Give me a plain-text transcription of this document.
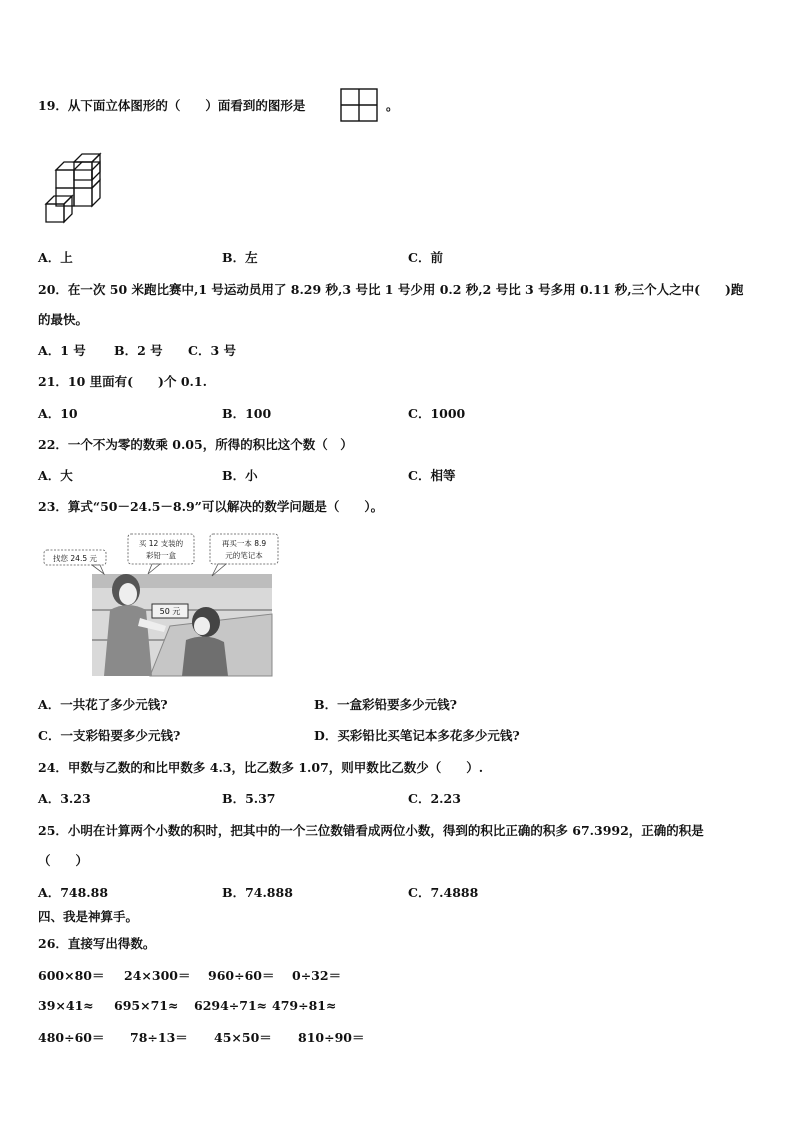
19．从下面立体图形的（　　）面看到的图形是	。
A．上	B．左	C．前
20．在一次 50 米跑比赛中,1 号运动员用了 8.29 秒,3 号比 1 号少用 0.2 秒,2 号比 3 号多用 0.11 秒,三个人之中(　　)跑
的最快。
A．1 号 B．2 号 C．3 号
21．10 里面有(　　)个 0.1.
A．10	B．100	C．1000
22．一个不为零的数乘 0.05，所得的积比这个数（　）
A．大	B．小	C．相等
23．算式“50－24.5－8.9”可以解决的数学问题是（　　）。
50 元
找您 24.5 元
买 12 支装的
彩铅一盒
再买一本 8.9
元的笔记本
A．一共花了多少元钱?	B．一盒彩铅要多少元钱?
C．一支彩铅要多少元钱?	D．买彩铅比买笔记本多花多少元钱?
24．甲数与乙数的和比甲数多 4.3，比乙数多 1.07，则甲数比乙数少（　　）.
A．3.23	B．5.37	C．2.23
25．小明在计算两个小数的积时，把其中的一个三位数错看成两位小数，得到的积比正确的积多 67.3992，正确的积是
（　　）
A．748.88	B．74.888	C．7.4888
四、我是神算手。
26．直接写出得数。
600×80＝ 24×300＝ 960÷60＝ 0÷32＝
39×41≈ 695×71≈ 6294÷71≈ 479÷81≈
480÷60＝ 78÷13＝ 45×50＝ 810÷90＝
